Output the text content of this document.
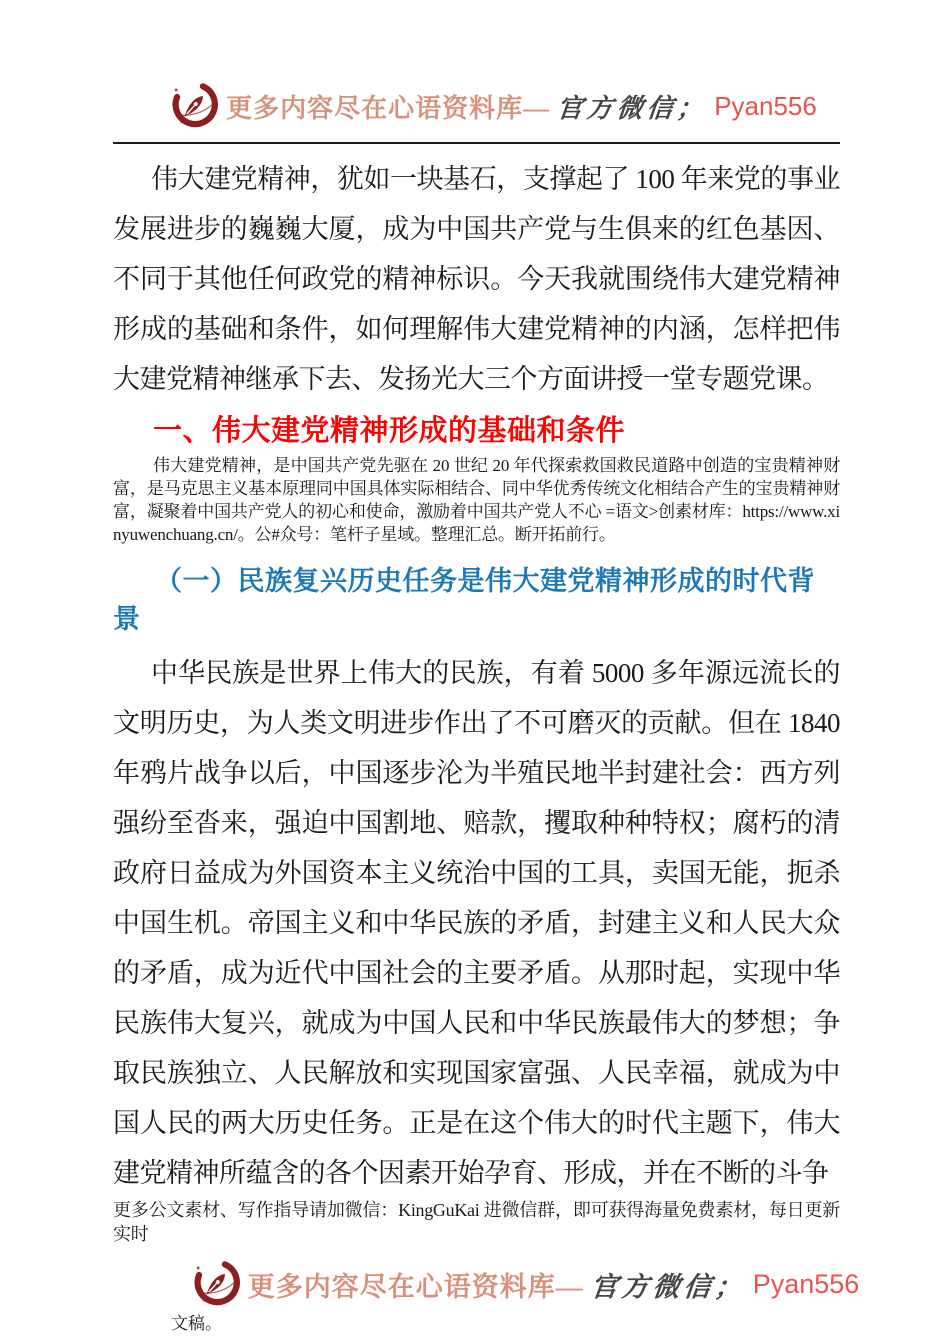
更多内容尽在心语资料库— 官方微信； Pyan556

伟大建党精神，犹如一块基石，支撑起了 100 年来党的事业发展进步的巍巍大厦，成为中国共产党与生俱来的红色基因、不同于其他任何政党的精神标识。今天我就围绕伟大建党精神形成的基础和条件，如何理解伟大建党精神的内涵，怎样把伟大建党精神继承下去、发扬光大三个方面讲授一堂专题党课。

一、伟大建党精神形成的基础和条件

伟大建党精神，是中国共产党先驱在 20 世纪 20 年代探索救国救民道路中创造的宝贵精神财富，是马克思主义基本原理同中国具体实际相结合、同中华优秀传统文化相结合产生的宝贵精神财富，凝聚着中国共产党人的初心和使命，激励着中国共产党人不心 =语文>创素材库：https://www.xinyuwenchuang.cn/。公#众号：笔杆子星域。整理汇总。断开拓前行。

（一）民族复兴历史任务是伟大建党精神形成的时代背景

中华民族是世界上伟大的民族，有着 5000 多年源远流长的文明历史，为人类文明进步作出了不可磨灭的贡献。但在 1840 年鸦片战争以后，中国逐步沦为半殖民地半封建社会：西方列强纷至沓来，强迫中国割地、赔款，攫取种种特权；腐朽的清政府日益成为外国资本主义统治中国的工具，卖国无能，扼杀中国生机。帝国主义和中华民族的矛盾，封建主义和人民大众的矛盾，成为近代中国社会的主要矛盾。从那时起，实现中华民族伟大复兴，就成为中国人民和中华民族最伟大的梦想；争取民族独立、人民解放和实现国家富强、人民幸福，就成为中国人民的两大历史任务。正是在这个伟大的时代主题下，伟大建党精神所蕴含的各个因素开始孕育、形成，并在不断的斗争

更多公文素材、写作指导请加微信：KingGuKai 进微信群，即可获得海量免费素材，每日更新实时

更多内容尽在心语资料库— 官方微信； Pyan556

文稿。
